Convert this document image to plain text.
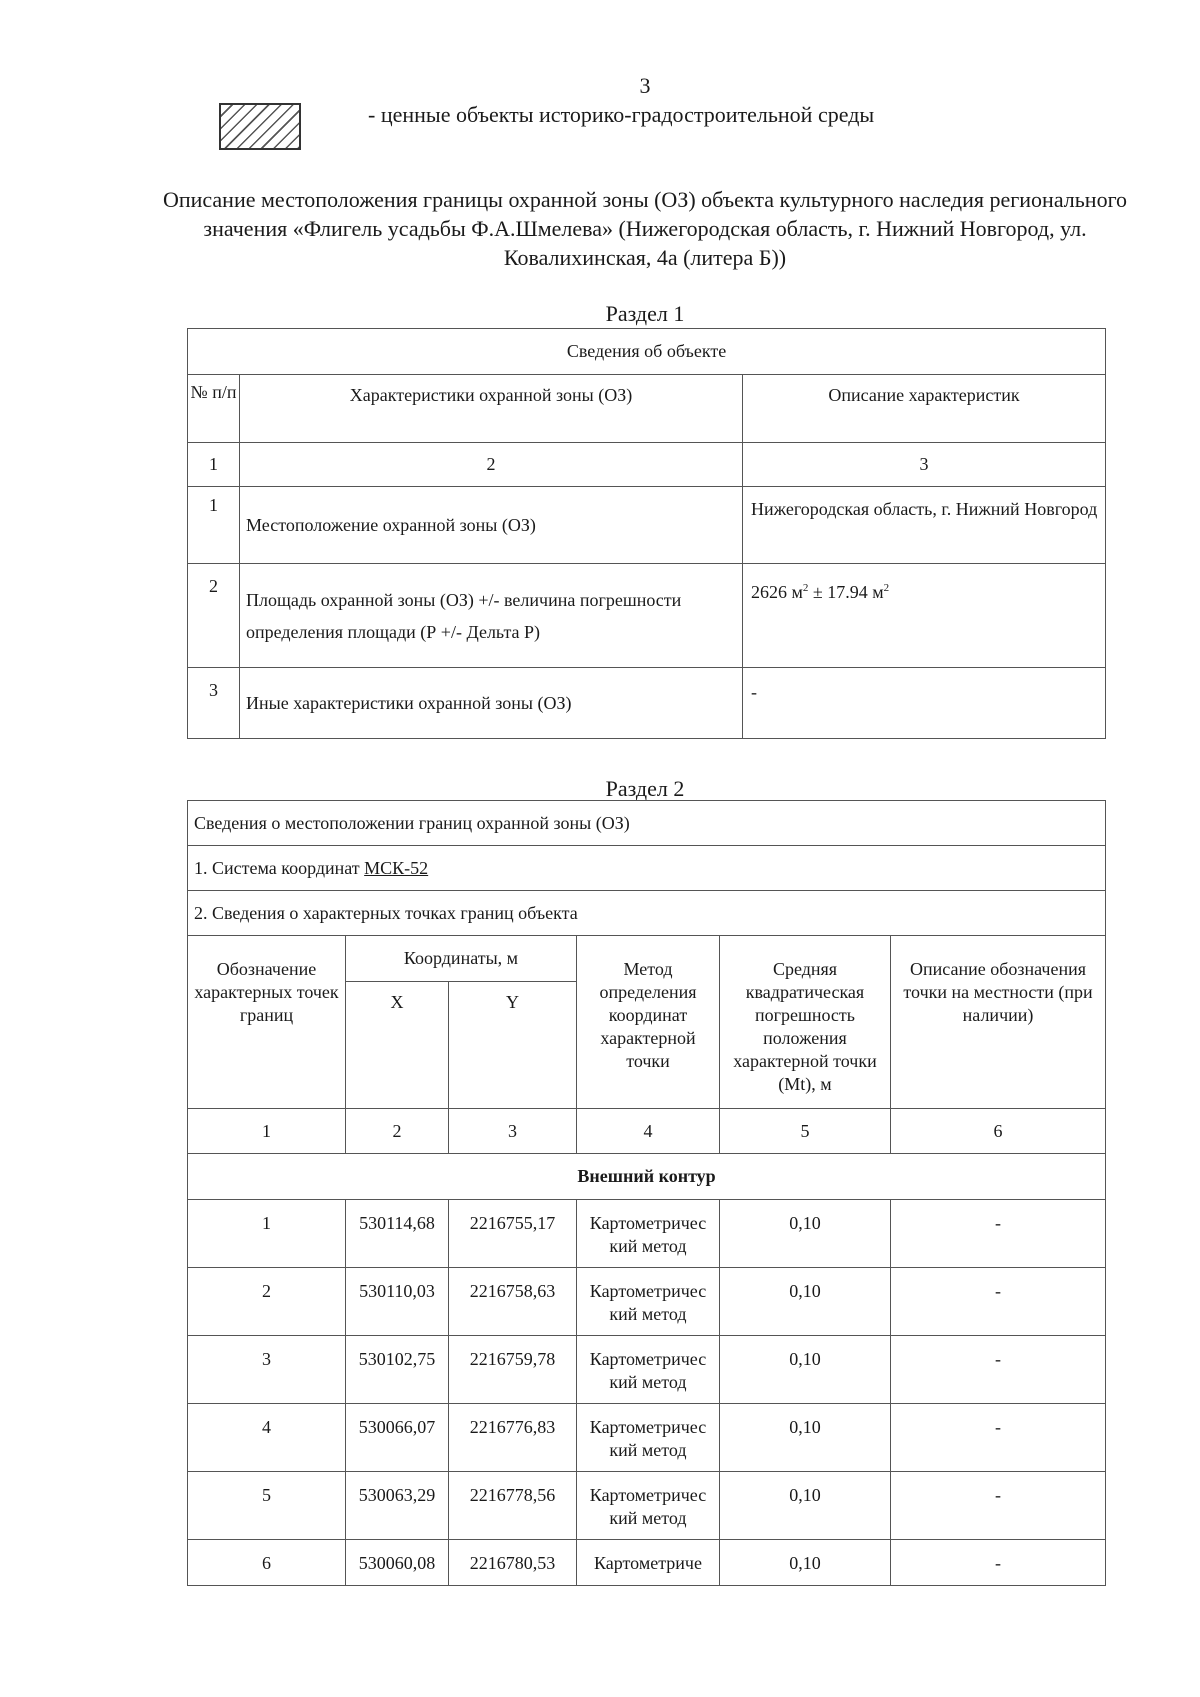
3
- ценные объекты историко-градостроительной среды

Описание местоположения границы охранной зоны (ОЗ) объекта культурного наследия регионального значения «Флигель усадьбы Ф.А.Шмелева» (Нижегородская область, г. Нижний Новгород, ул. Ковалихинская, 4а (литера Б))

Раздел 1
Сведения об объекте		
№ п/п	Характеристики охранной зоны (ОЗ)	Описание характеристик
1	2	3
1	Местоположение охранной зоны (ОЗ)	Нижегородская область, г. Нижний Новгород
2	Площадь охранной зоны (ОЗ) +/- величина погрешности определения площади (Р +/- Дельта Р)	2626 $м^2 \pm 17.94$ $м^2$
3	Иные характеристики охранной зоны (ОЗ)	-
Раздел 2
Сведения о местоположении границ охранной зоны (ОЗ)					
1. Система координат МСК-52					
2. Сведения о характерных точках границ объекта					
Обозначение характерных точек границ	Координаты, м		Метод определения координат характерной точки	Средняя квадратическая погрешность положения характерной точки (Mt), м	Описание обозначения точки на местности (при наличии)
	X	Y			
1	2	3	4	5	6
Внешний контур					
1	530114,68	2216755,17	Картометрический метод	0,10	-
2	530110,03	2216758,63	Картометрический метод	0,10	-
3	530102,75	2216759,78	Картометрический метод	0,10	-
4	530066,07	2216776,83	Картометрический метод	0,10	-
5	530063,29	2216778,56	Картометрический метод	0,10	-
6	530060,08	2216780,53	Картометриче	0,10	-
